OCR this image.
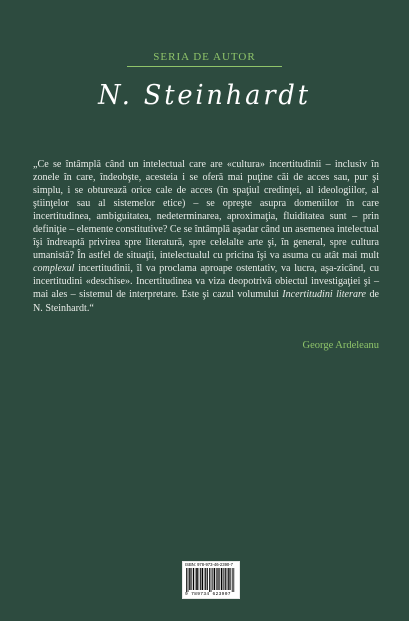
SERIA DE AUTOR
N. Steinhardt
„Ce se întâmplă când un intelectual care are «cultura» incertitudinii – inclusiv în zonele în care, îndeobşte, acesteia i se oferă mai puţine căi de acces sau, pur şi simplu, i se obturează orice cale de acces (în spaţiul credinţei, al ideologiilor, al ştiinţelor sau al sistemelor etice) – se opreşte asupra domeniilor în care incertitudinea, ambiguitatea, nedeterminarea, aproximaţia, fluiditatea sunt – prin definiţie – elemente constitutive? Ce se întâmplă aşadar când un asemenea intelectual îşi îndreaptă privirea spre literatură, spre celelalte arte şi, în general, spre cultura umanistă? În astfel de situaţii, intelectualul cu pricina îşi va asuma cu atât mai mult complexul incertitudinii, îl va proclama aproape ostentativ, va lucra, aşa-zicând, cu incertitudini «deschise». Incertitudinea va viza deopotrivă obiectul investigaţiei şi – mai ales – sistemul de interpretare. Este şi cazul volumului Incertitudini literare de N. Steinhardt.“
George Ardeleanu
ISBN: 978-973-46-2390-7
9 789734 623907
